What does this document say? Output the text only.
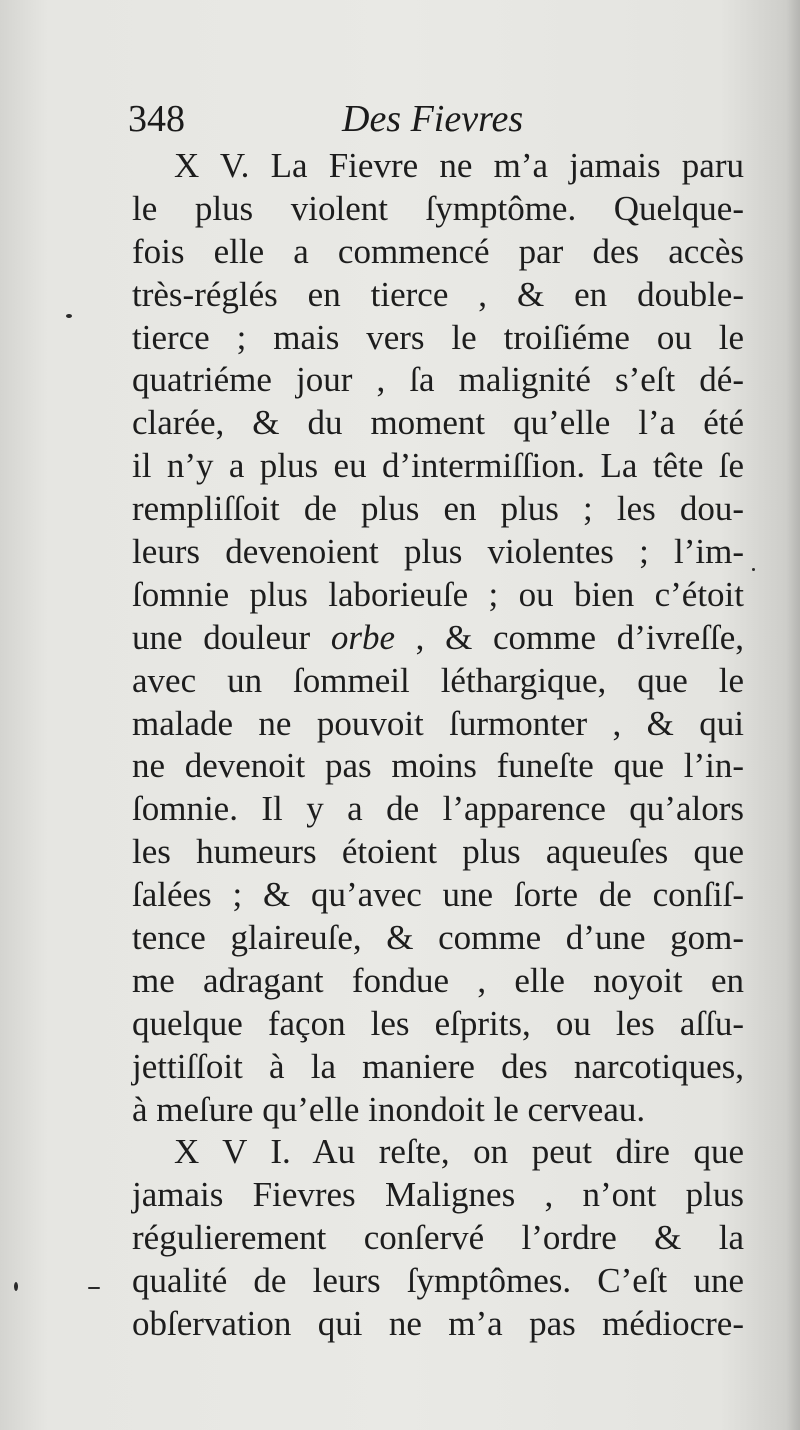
348	Des Fievres
X V. La Fievre ne m’a jamais paru
le plus violent ſymptôme. Quelque-
fois elle a commencé par des accès
très-réglés en tierce , & en double-
tierce ; mais vers le troiſiéme ou le
quatriéme jour , ſa malignité s’eſt dé-
clarée, & du moment qu’elle l’a été
il n’y a plus eu d’intermiſſion. La tête ſe
rempliſſoit de plus en plus ; les dou-
leurs devenoient plus violentes ; l’im-
ſomnie plus laborieuſe ; ou bien c’étoit
une douleur orbe , & comme d’ivreſſe,
avec un ſommeil léthargique, que le
malade ne pouvoit ſurmonter , & qui
ne devenoit pas moins funeſte que l’in-
ſomnie. Il y a de l’apparence qu’alors
les humeurs étoient plus aqueuſes que
ſalées ; & qu’avec une ſorte de conſiſ-
tence glaireuſe, & comme d’une gom-
me adragant fondue , elle noyoit en
quelque façon les eſprits, ou les aſſu-
jettiſſoit à la maniere des narcotiques,
à meſure qu’elle inondoit le cerveau.
X V I. Au reſte, on peut dire que
jamais Fievres Malignes , n’ont plus
régulierement conſervé l’ordre & la
qualité de leurs ſymptômes. C’eſt une
obſervation qui ne m’a pas médiocre-
